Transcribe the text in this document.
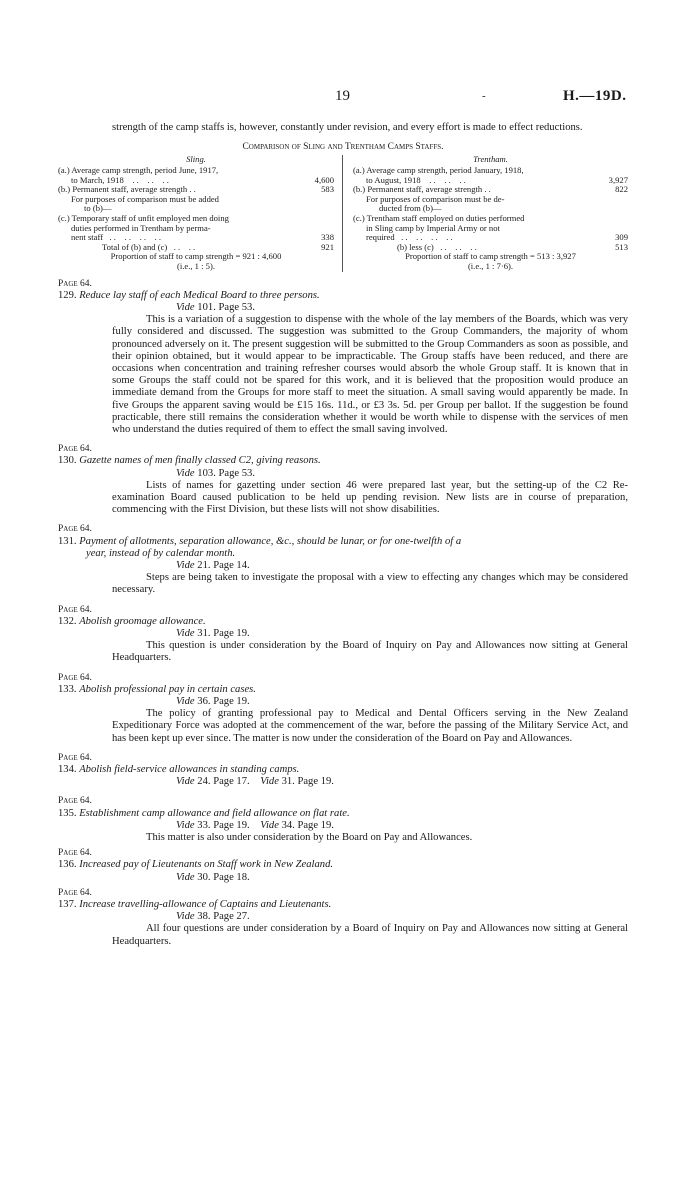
19	-	H.—19D.

strength of the camp staffs is, however, constantly under revision, and every effort is made to effect reductions.

Comparison of Sling and Trentham Camps Staffs.

Sling.
(a.) Average camp strength, period June, 1917,
to March, 1918    . .    . .    . .	4,600
(b.) Permanent staff, average strength . .	583
For purposes of comparison must be added
to (b)—
(c.) Temporary staff of unfit employed men doing
duties performed in Trentham by perma-
nent staff   . .    . .    . .    . .	338
Total of (b) and (c)   . .    . .	921
Proportion of staff to camp strength = 921 : 4,600
(i.e., 1 : 5).
Trentham.
(a.) Average camp strength, period January, 1918,
to August, 1918    . .    . .    . .	3,927
(b.) Permanent staff, average strength . .	822
For purposes of comparison must be de-
ducted from (b)—
(c.) Trentham staff employed on duties performed
in Sling camp by Imperial Army or not
required   . .    . .    . .    . .	309
(b) less (c)   . .    . .    . .	513
Proportion of staff to camp strength = 513 : 3,927
(i.e., 1 : 7·6).

Page 64.

129. Reduce lay staff of each Medical Board to three persons.

Vide 101. Page 53.

This is a variation of a suggestion to dispense with the whole of the lay members of the Boards, which was very fully considered and discussed. The suggestion was submitted to the Group Commanders, the majority of whom pronounced adversely on it. The present suggestion will be submitted to the Group Commanders as soon as possible, and their opinion obtained, but it would appear to be impracticable. The Group staffs have been reduced, and there are occasions when concentration and training refresher courses would absorb the whole Group staff. It is known that in some Groups the staff could not be spared for this work, and it is believed that the proposition would produce an immediate demand from the Groups for more staff to meet the situation. A small saving would apparently be made. In five Groups the apparent saving would be £15 16s. 11d., or £3 3s. 5d. per Group per ballot. If the suggestion be found practicable, there still remains the consideration whether it would be worth while to dispense with the services of men who understand the duties required of them to effect the small saving involved.

Page 64.

130. Gazette names of men finally classed C2, giving reasons.

Vide 103. Page 53.

Lists of names for gazetting under section 46 were prepared last year, but the setting-up of the C2 Re-examination Board caused publication to be held up pending revision. New lists are in course of preparation, commencing with the First Division, but these lists will not show disabilities.

Page 64.

131. Payment of allotments, separation allowance, &c., should be lunar, or for one-twelfth of a

year, instead of by calendar month.

Vide 21. Page 14.

Steps are being taken to investigate the proposal with a view to effecting any changes which may be considered necessary.

Page 64.

132. Abolish groomage allowance.

Vide 31. Page 19.

This question is under consideration by the Board of Inquiry on Pay and Allowances now sitting at General Headquarters.

Page 64.

133. Abolish professional pay in certain cases.

Vide 36. Page 19.

The policy of granting professional pay to Medical and Dental Officers serving in the New Zealand Expeditionary Force was adopted at the commencement of the war, before the passing of the Military Service Act, and has been kept up ever since. The matter is now under the consideration of the Board on Pay and Allowances.

Page 64.

134. Abolish field-service allowances in standing camps.

Vide 24. Page 17. Vide 31. Page 19.

Page 64.

135. Establishment camp allowance and field allowance on flat rate.

Vide 33. Page 19. Vide 34. Page 19.

This matter is also under consideration by the Board on Pay and Allowances.

Page 64.

136. Increased pay of Lieutenants on Staff work in New Zealand.

Vide 30. Page 18.

Page 64.

137. Increase travelling-allowance of Captains and Lieutenants.

Vide 38. Page 27.

All four questions are under consideration by a Board of Inquiry on Pay and Allowances now sitting at General Headquarters.
